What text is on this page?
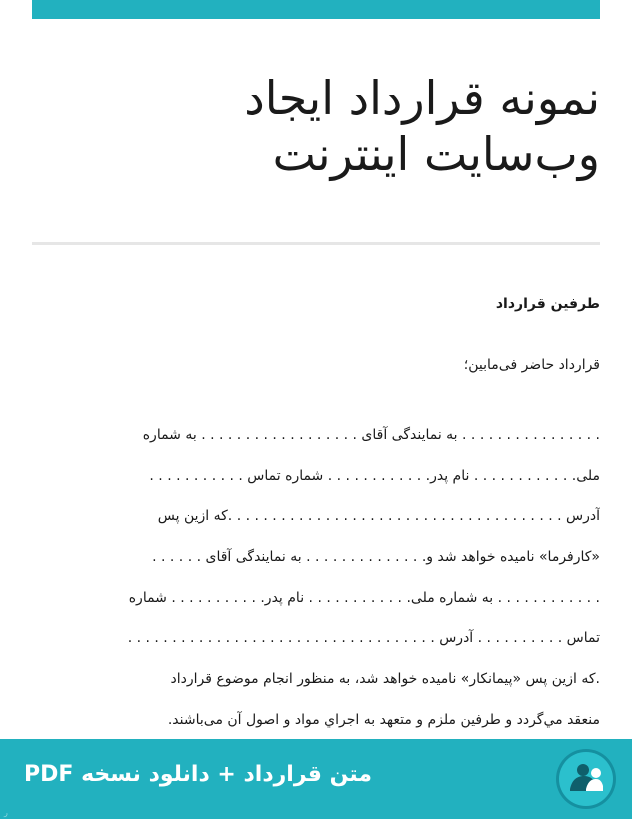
نمونه قرارداد ایجاد
وب‌سایت اینترنت

طرفین قرارداد

قرارداد حاضر فی‌مابین؛

. . . . . . . . . . . . . . . . به نمایندگی آقای . . . . . . . . . . . . . . . . . . به شماره
ملی. . . . . . . . . . . . نام پدر. . . . . . . . . . . . شماره تماس . . . . . . . . . . .
آدرس . . . . . . . . . . . . . . . . . . . . . . . . . . . . . . . . . . . . . .که ازین پس
«کارفرما» نامیده خواهد شد و. . . . . . . . . . . . . . به نمایندگی آقای . . . . . .
. . . . . . . . . . . . به شماره ملی. . . . . . . . . . . . نام پدر. . . . . . . . . . . شماره
تماس . . . . . . . . . . آدرس . . . . . . . . . . . . . . . . . . . . . . . . . . . . . . . . . . .
.که ازین پس «پیمانکار» نامیده خواهد شد، به منظور انجام موضوع قرارداد
منعقد مي‌گردد و طرفین ملزم و متعهد به اجراي مواد و اصول آن می‌باشند.

متن قرارداد + دانلود نسخه PDF
ر
